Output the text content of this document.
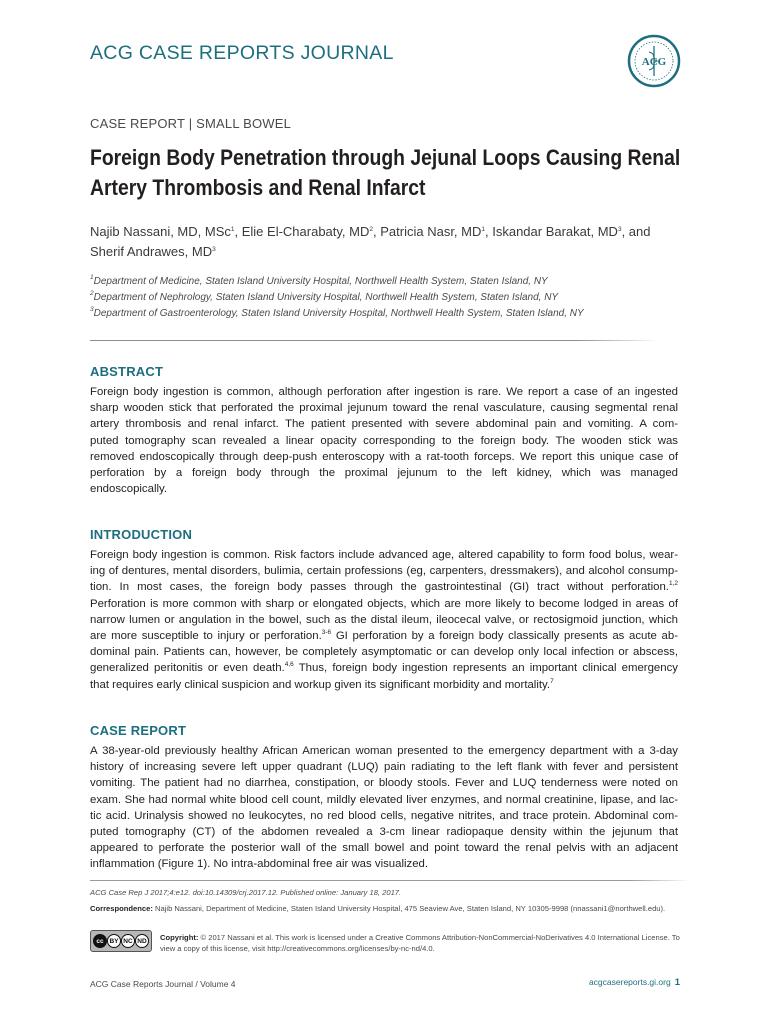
ACG CASE REPORTS JOURNAL	ACG
CASE REPORT | SMALL BOWEL
Foreign Body Penetration through Jejunal Loops Causing Renal
Artery Thrombosis and Renal Infarct
Najib Nassani, MD, MSc$^1$, Elie El-Charabaty, $MD^2$, Patricia Nasr, $MD^1$, Iskandar Barakat, $MD^3$, and
Sherif Andrawes, $MD^3$
$^1$Department of Medicine, Staten Island University Hospital, Northwell Health System, Staten Island, NY
$^2$Department of Nephrology, Staten Island University Hospital, Northwell Health System, Staten Island, NY
$^3$Department of Gastroenterology, Staten Island University Hospital, Northwell Health System, Staten Island, NY
ABSTRACT
Foreign body ingestion is common, although perforation after ingestion is rare. We report a case of an ingested
sharp wooden stick that perforated the proximal jejunum toward the renal vasculature, causing segmental renal
artery thrombosis and renal infarct. The patient presented with severe abdominal pain and vomiting. A com-
puted tomography scan revealed a linear opacity corresponding to the foreign body. The wooden stick was
removed endoscopically through deep-push enteroscopy with a rat-tooth forceps. We report this unique case of
perforation by a foreign body through the proximal jejunum to the left kidney, which was managed
endoscopically.
INTRODUCTION
Foreign body ingestion is common. Risk factors include advanced age, altered capability to form food bolus, wear-
ing of dentures, mental disorders, bulimia, certain professions (eg, carpenters, dressmakers), and alcohol consump-
tion. In most cases, the foreign body passes through the gastrointestinal (GI) tract without perforation.$^{1,2}$
Perforation is more common with sharp or elongated objects, which are more likely to become lodged in areas of
narrow lumen or angulation in the bowel, such as the distal ileum, ileocecal valve, or rectosigmoid junction, which
are more susceptible to injury or perforation.$^{3-6}$ GI perforation by a foreign body classically presents as acute ab-
dominal pain. Patients can, however, be completely asymptomatic or can develop only local infection or abscess,
generalized peritonitis or even death.$^{4,6}$ Thus, foreign body ingestion represents an important clinical emergency
that requires early clinical suspicion and workup given its significant morbidity and mortality.$^7$
CASE REPORT
A 38-year-old previously healthy African American woman presented to the emergency department with a 3-day
history of increasing severe left upper quadrant (LUQ) pain radiating to the left flank with fever and persistent
vomiting. The patient had no diarrhea, constipation, or bloody stools. Fever and LUQ tenderness were noted on
exam. She had normal white blood cell count, mildly elevated liver enzymes, and normal creatinine, lipase, and lac-
tic acid. Urinalysis showed no leukocytes, no red blood cells, negative nitrites, and trace protein. Abdominal com-
puted tomography (CT) of the abdomen revealed a 3-cm linear radiopaque density within the jejunum that
appeared to perforate the posterior wall of the small bowel and point toward the renal pelvis with an adjacent
inflammation (Figure 1). No intra-abdominal free air was visualized.
ACG Case Rep J 2017;4:e12. doi:10.14309/crj.2017.12. Published online: January 18, 2017.
Correspondence: Najib Nassani, Department of Medicine, Staten Island University Hospital, 475 Seaview Ave, Staten Island, NY 10305-9998 (nnassani1@northwell.edu).
cc BY NC ND	Copyright: © 2017 Nassani et al. This work is licensed under a Creative Commons Attribution-NonCommercial-NoDerivatives 4.0 International License. To view a copy of this license, visit http://creativecommons.org/licenses/by-nc-nd/4.0.
ACG Case Reports Journal / Volume 4	acgcasereports.gi.org 1
